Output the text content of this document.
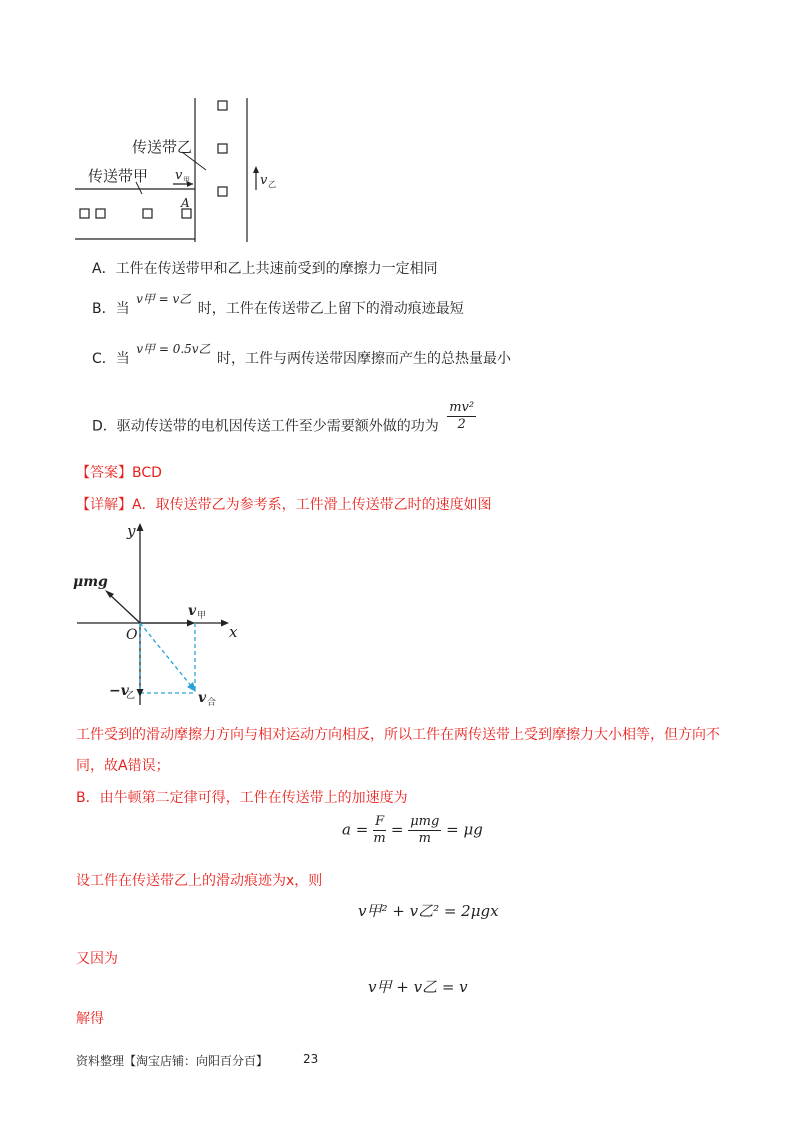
传送带乙
传送带甲 v 甲	v 乙
A
A．工件在传送带甲和乙上共速前受到的摩擦力一定相同
B．当 v甲 = v乙 时，工件在传送带乙上留下的滑动痕迹最短
C．当 v甲 = 0.5v乙 时，工件与两传送带因摩擦而产生的总热量最小
D．驱动传送带的电机因传送工件至少需要额外做的功为 $\frac{\text{mv²}}{2}$
【答案】BCD
【详解】A．取传送带乙为参考系，工件滑上传送带乙时的速度如图
y
x
O
μmg
v 甲
−v
乙	v 合
工件受到的滑动摩擦力方向与相对运动方向相反，所以工件在两传送带上受到摩擦力大小相等，但方向不
同，故A错误；
B．由牛顿第二定律可得，工件在传送带上的加速度为
$a = \frac{F}{m} = \frac{\text{μmg}}{m} = \mu g$
设工件在传送带乙上的滑动痕迹为x，则
v甲² + v乙² = 2μgx
又因为
v甲 + v乙 = v
解得
资料整理【淘宝店铺：向阳百分百】	23
